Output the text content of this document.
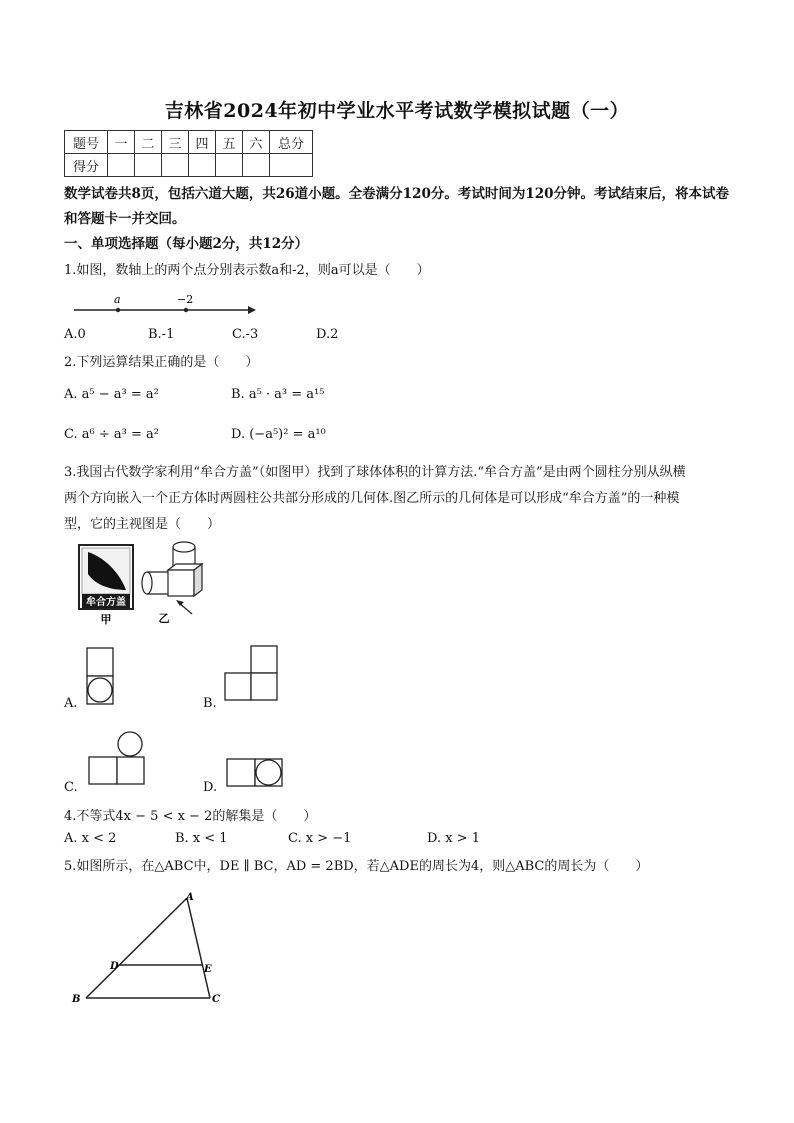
吉林省2024年初中学业水平考试数学模拟试题（一）
题号	一	二	三	四	五	六	总分
得分							
数学试卷共8页，包括六道大题，共26道小题。全卷满分120分。考试时间为120分钟。考试结束后，将本试卷和答题卡一并交回。
一、单项选择题（每小题2分，共12分）
1.如图，数轴上的两个点分别表示数a和-2，则a可以是（　　）
a	−2
A.0	B.-1	C.-3	D.2
2.下列运算结果正确的是（　　）
A. a⁵ − a³ = a²	B. a⁵ · a³ = a¹⁵
C. a⁶ ÷ a³ = a²	D. (−a⁵)² = a¹⁰
3.我国古代数学家利用“牟合方盖”（如图甲）找到了球体体积的计算方法.“牟合方盖”是由两个圆柱分别从纵横
两个方向嵌入一个正方体时两圆柱公共部分形成的几何体.图乙所示的几何体是可以形成“牟合方盖”的一种模
型，它的主视图是（　　）
牟合方盖
甲	乙
A.	B.
C.	D.
4.不等式4x − 5 < x − 2的解集是（　　）
A. x < 2	B. x < 1	C. x > −1	D. x > 1
5.如图所示，在△ABC中，DE ∥ BC，AD = 2BD，若△ADE的周长为4，则△ABC的周长为（　　）
A
B	C
D	E
